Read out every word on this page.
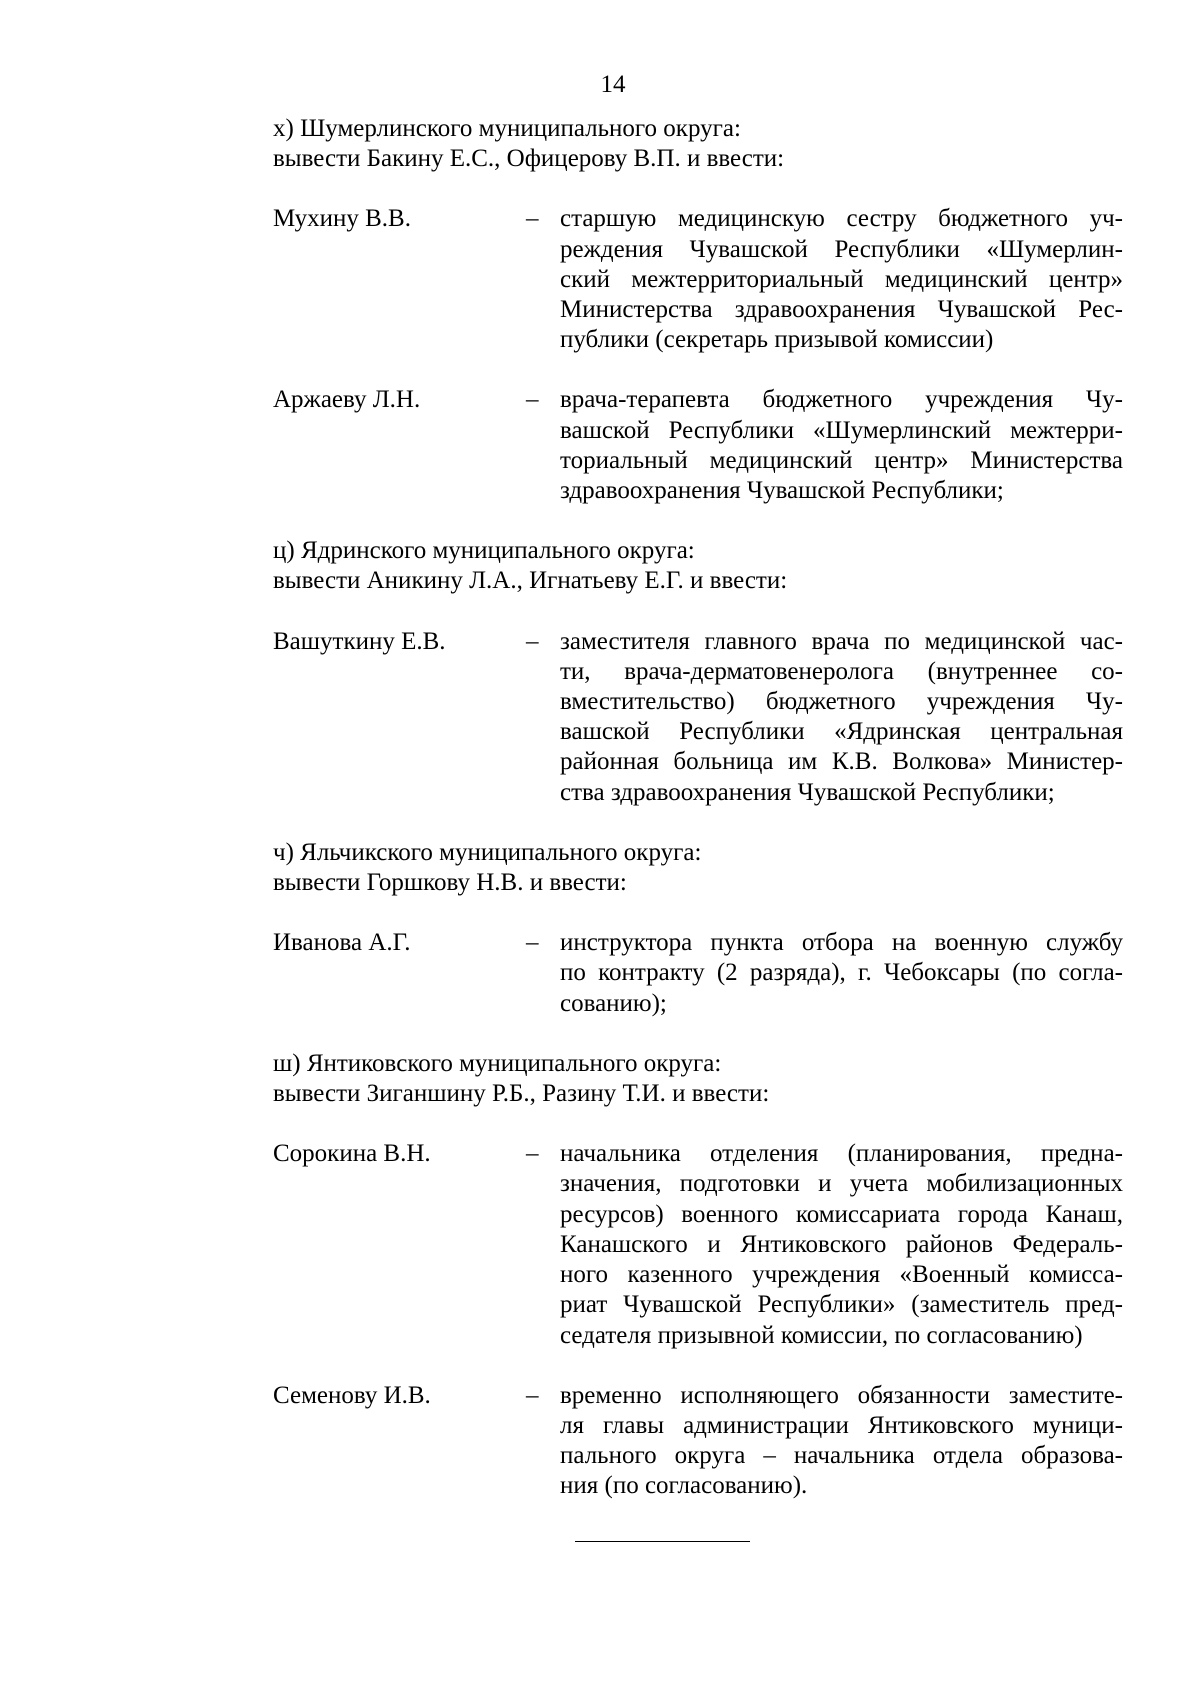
14

х) Шумерлинского муниципального округа:

вывести Бакину Е.С., Офицерову В.П. и ввести:

Мухину В.В.	– старшую медицинскую сестру бюджетного уч-
реждения Чувашской Республики «Шумерлин-
ский межтерриториальный медицинский центр»
Министерства здравоохранения Чувашской Рес-
публики (секретарь призывой комиссии)
Аржаеву Л.Н.	– врача-терапевта бюджетного учреждения Чу-
вашской Республики «Шумерлинский межтерри-
ториальный медицинский центр» Министерства
здравоохранения Чувашской Республики;

ц) Ядринского муниципального округа:

вывести Аникину Л.А., Игнатьеву Е.Г. и ввести:

Вашуткину Е.В.	– заместителя главного врача по медицинской час-
ти, врача-дерматовенеролога (внутреннее со-
вместительство) бюджетного учреждения Чу-
вашской Республики «Ядринская центральная
районная больница им К.В. Волкова» Министер-
ства здравоохранения Чувашской Республики;

ч) Яльчикского муниципального округа:

вывести Горшкову Н.В. и ввести:

Иванова А.Г.	– инструктора пункта отбора на военную службу
по контракту (2 разряда), г. Чебоксары (по согла-
сованию);

ш) Янтиковского муниципального округа:

вывести Зиганшину Р.Б., Разину Т.И. и ввести:

Сорокина В.Н.	– начальника отделения (планирования, предна-
значения, подготовки и учета мобилизационных
ресурсов) военного комиссариата города Канаш,
Канашского и Янтиковского районов Федераль-
ного казенного учреждения «Военный комисса-
риат Чувашской Республики» (заместитель пред-
седателя призывной комиссии, по согласованию)
Семенову И.В.	– временно исполняющего обязанности заместите-
ля главы администрации Янтиковского муници-
пального округа – начальника отдела образова-
ния (по согласованию).
